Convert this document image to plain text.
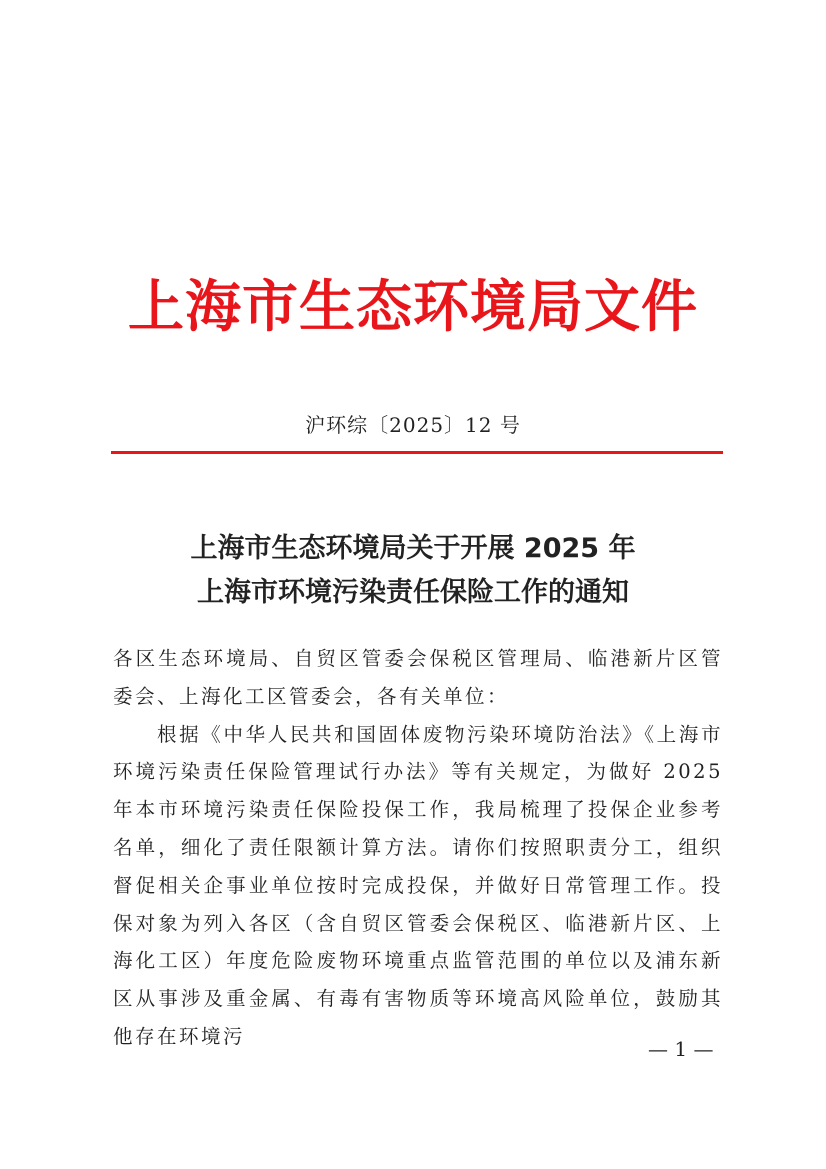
上海市生态环境局文件
沪环综〔2025〕12 号
上海市生态环境局关于开展 2025 年
上海市环境污染责任保险工作的通知

各区生态环境局、自贸区管委会保税区管理局、临港新片区管委会、上海化工区管委会，各有关单位：

根据《中华人民共和国固体废物污染环境防治法》《上海市环境污染责任保险管理试行办法》等有关规定，为做好 2025 年本市环境污染责任保险投保工作，我局梳理了投保企业参考名单，细化了责任限额计算方法。请你们按照职责分工，组织督促相关企事业单位按时完成投保，并做好日常管理工作。投保对象为列入各区（含自贸区管委会保税区、临港新片区、上海化工区）年度危险废物环境重点监管范围的单位以及浦东新区从事涉及重金属、有毒有害物质等环境高风险单位，鼓励其他存在环境污

— 1 —
